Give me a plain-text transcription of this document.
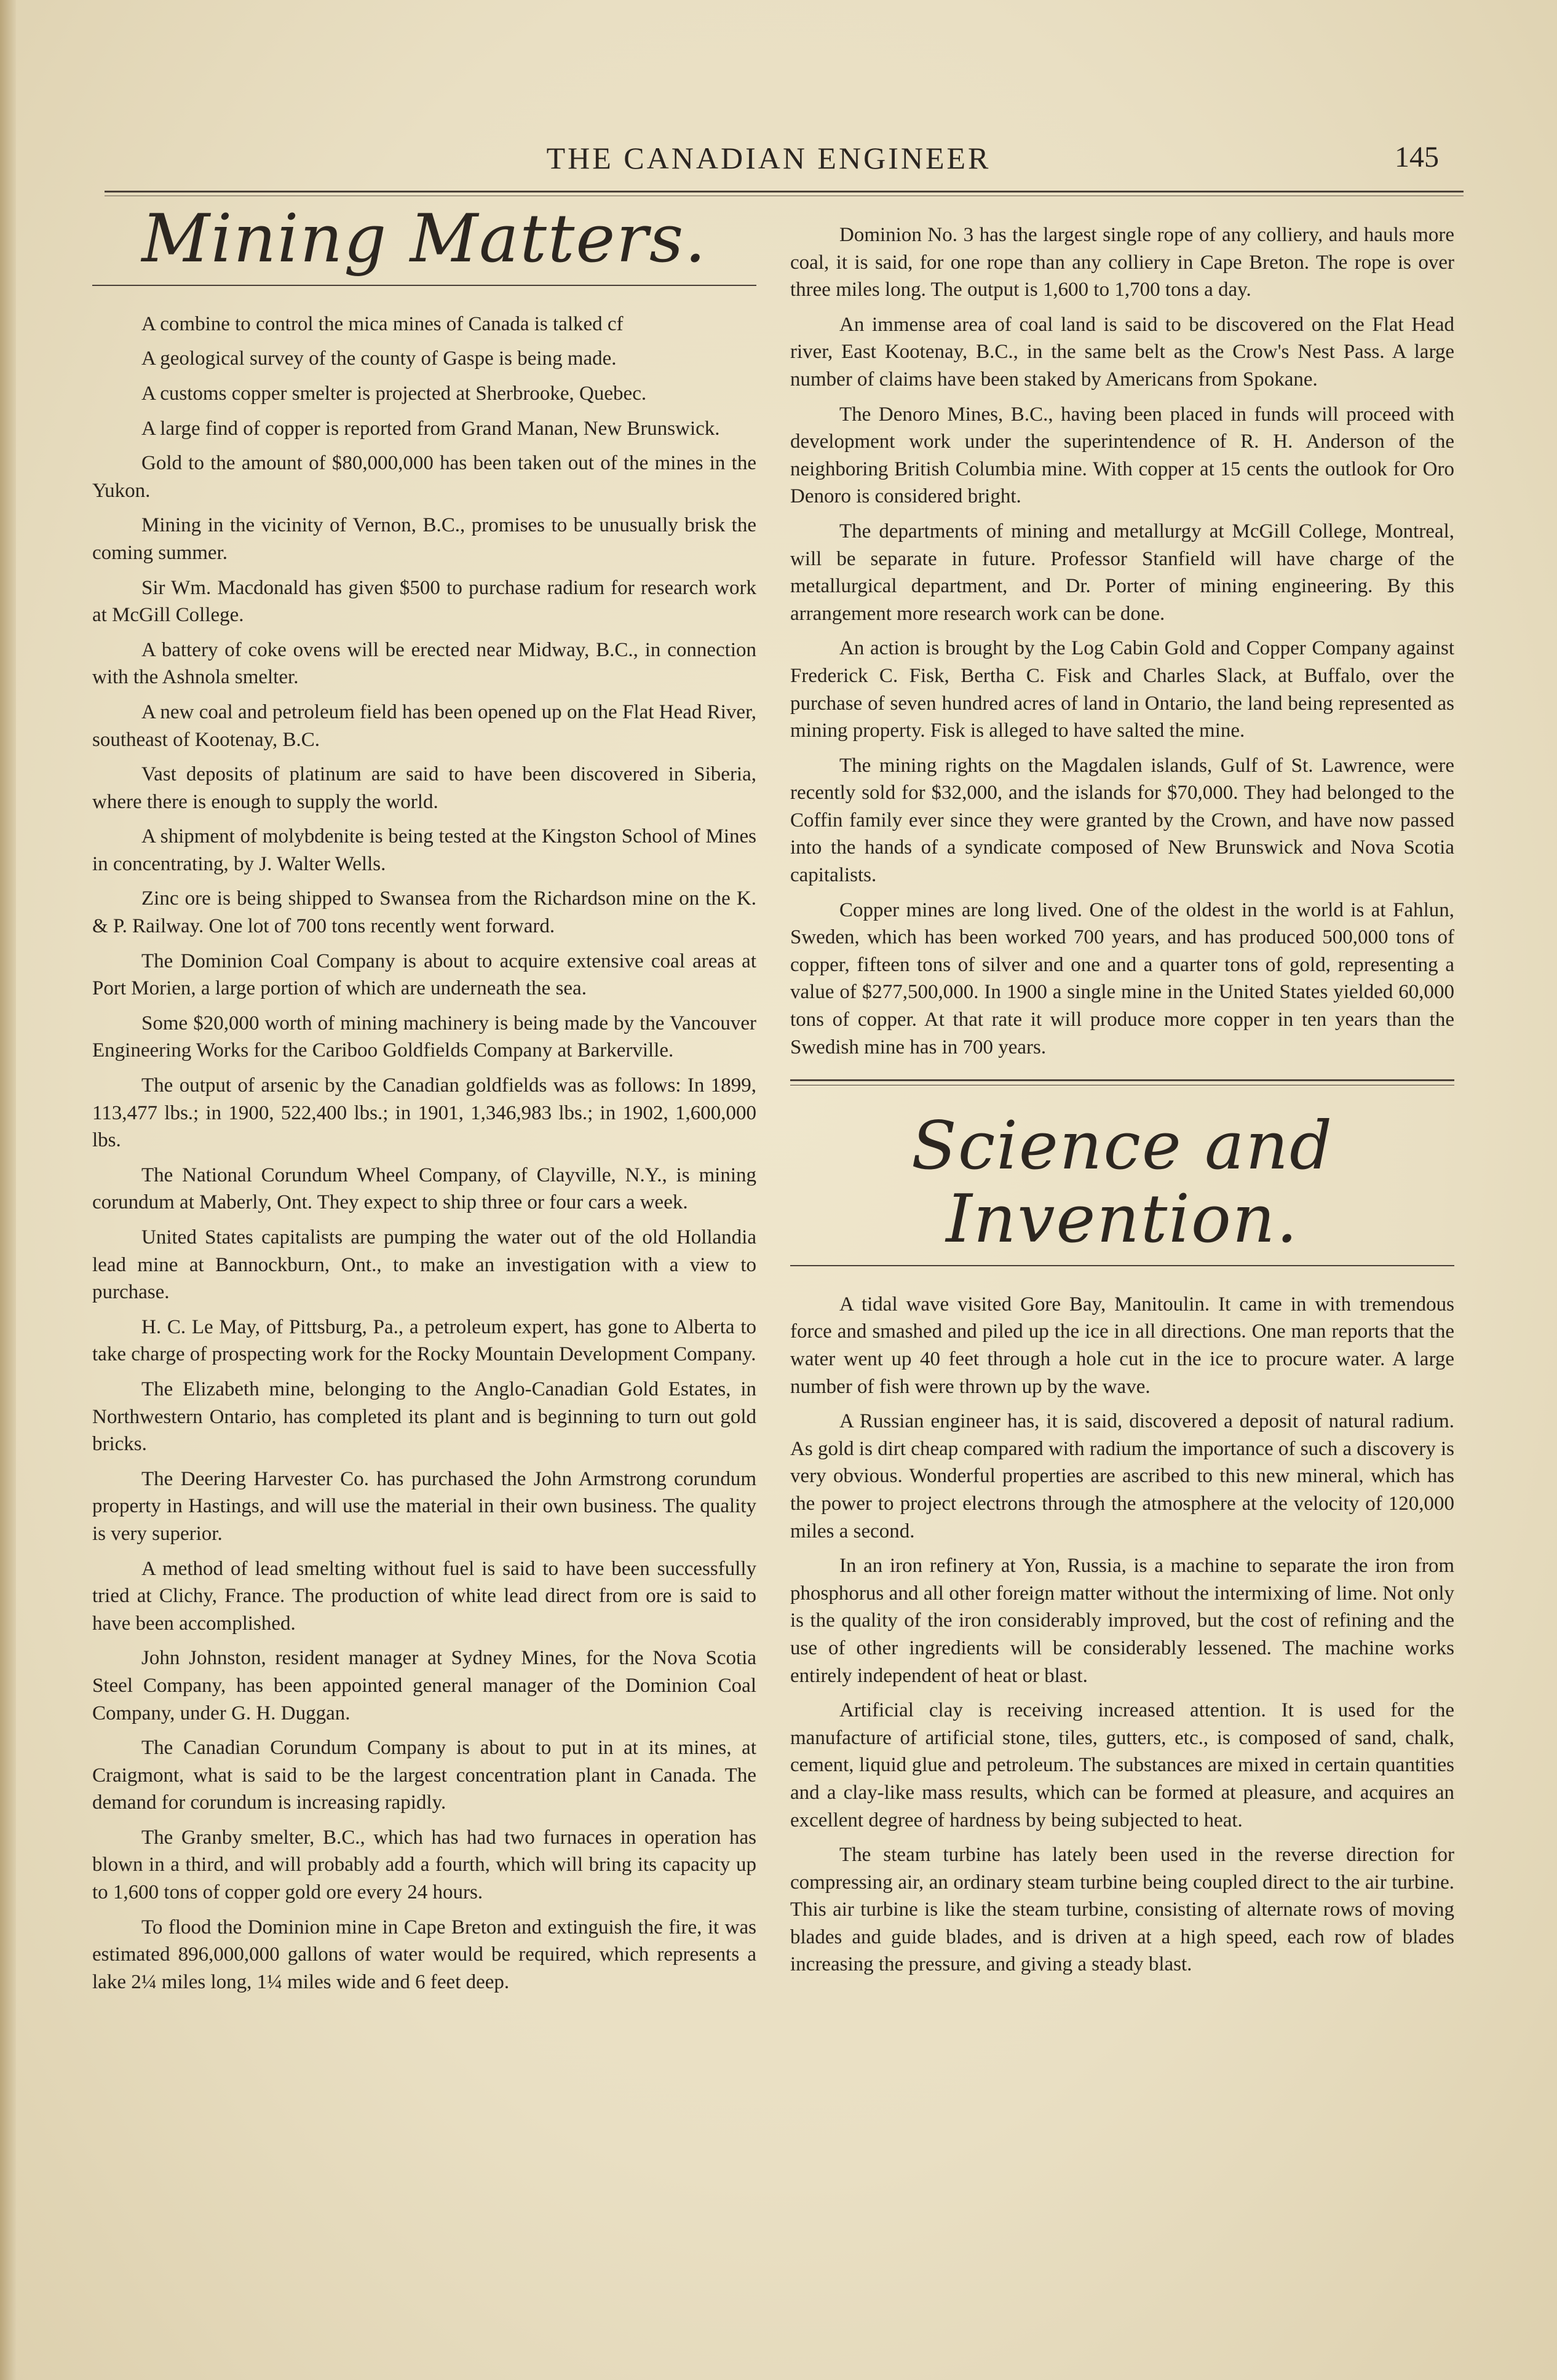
THE CANADIAN ENGINEER	145
Mining Matters.

A combine to control the mica mines of Canada is talked cf

A geological survey of the county of Gaspe is being made.

A customs copper smelter is projected at Sherbrooke, Quebec.

A large find of copper is reported from Grand Manan, New Brunswick.

Gold to the amount of $80,000,000 has been taken out of the mines in the Yukon.

Mining in the vicinity of Vernon, B.C., promises to be unusually brisk the coming summer.

Sir Wm. Macdonald has given $500 to purchase radium for research work at McGill College.

A battery of coke ovens will be erected near Midway, B.C., in connection with the Ashnola smelter.

A new coal and petroleum field has been opened up on the Flat Head River, southeast of Kootenay, B.C.

Vast deposits of platinum are said to have been discovered in Siberia, where there is enough to supply the world.

A shipment of molybdenite is being tested at the Kingston School of Mines in concentrating, by J. Walter Wells.

Zinc ore is being shipped to Swansea from the Richardson mine on the K. & P. Railway. One lot of 700 tons recently went forward.

The Dominion Coal Company is about to acquire extensive coal areas at Port Morien, a large portion of which are underneath the sea.

Some $20,000 worth of mining machinery is being made by the Vancouver Engineering Works for the Cariboo Goldfields Company at Barkerville.

The output of arsenic by the Canadian goldfields was as follows: In 1899, 113,477 lbs.; in 1900, 522,400 lbs.; in 1901, 1,346,983 lbs.; in 1902, 1,600,000 lbs.

The National Corundum Wheel Company, of Clayville, N.Y., is mining corundum at Maberly, Ont. They expect to ship three or four cars a week.

United States capitalists are pumping the water out of the old Hollandia lead mine at Bannockburn, Ont., to make an investigation with a view to purchase.

H. C. Le May, of Pittsburg, Pa., a petroleum expert, has gone to Alberta to take charge of prospecting work for the Rocky Mountain Development Company.

The Elizabeth mine, belonging to the Anglo-Canadian Gold Estates, in Northwestern Ontario, has completed its plant and is beginning to turn out gold bricks.

The Deering Harvester Co. has purchased the John Armstrong corundum property in Hastings, and will use the material in their own business. The quality is very superior.

A method of lead smelting without fuel is said to have been successfully tried at Clichy, France. The production of white lead direct from ore is said to have been accomplished.

John Johnston, resident manager at Sydney Mines, for the Nova Scotia Steel Company, has been appointed general manager of the Dominion Coal Company, under G. H. Duggan.

The Canadian Corundum Company is about to put in at its mines, at Craigmont, what is said to be the largest concentration plant in Canada. The demand for corundum is increasing rapidly.

The Granby smelter, B.C., which has had two furnaces in operation has blown in a third, and will probably add a fourth, which will bring its capacity up to 1,600 tons of copper gold ore every 24 hours.

To flood the Dominion mine in Cape Breton and extinguish the fire, it was estimated 896,000,000 gallons of water would be required, which represents a lake 2¼ miles long, 1¼ miles wide and 6 feet deep.

Dominion No. 3 has the largest single rope of any colliery, and hauls more coal, it is said, for one rope than any colliery in Cape Breton. The rope is over three miles long. The output is 1,600 to 1,700 tons a day.

An immense area of coal land is said to be discovered on the Flat Head river, East Kootenay, B.C., in the same belt as the Crow's Nest Pass. A large number of claims have been staked by Americans from Spokane.

The Denoro Mines, B.C., having been placed in funds will proceed with development work under the superintendence of R. H. Anderson of the neighboring British Columbia mine. With copper at 15 cents the outlook for Oro Denoro is considered bright.

The departments of mining and metallurgy at McGill College, Montreal, will be separate in future. Professor Stanfield will have charge of the metallurgical department, and Dr. Porter of mining engineering. By this arrangement more research work can be done.

An action is brought by the Log Cabin Gold and Copper Company against Frederick C. Fisk, Bertha C. Fisk and Charles Slack, at Buffalo, over the purchase of seven hundred acres of land in Ontario, the land being represented as mining property. Fisk is alleged to have salted the mine.

The mining rights on the Magdalen islands, Gulf of St. Lawrence, were recently sold for $32,000, and the islands for $70,000. They had belonged to the Coffin family ever since they were granted by the Crown, and have now passed into the hands of a syndicate composed of New Brunswick and Nova Scotia capitalists.

Copper mines are long lived. One of the oldest in the world is at Fahlun, Sweden, which has been worked 700 years, and has produced 500,000 tons of copper, fifteen tons of silver and one and a quarter tons of gold, representing a value of $277,500,000. In 1900 a single mine in the United States yielded 60,000 tons of copper. At that rate it will produce more copper in ten years than the Swedish mine has in 700 years.

Science and Invention.

A tidal wave visited Gore Bay, Manitoulin. It came in with tremendous force and smashed and piled up the ice in all directions. One man reports that the water went up 40 feet through a hole cut in the ice to procure water. A large number of fish were thrown up by the wave.

A Russian engineer has, it is said, discovered a deposit of natural radium. As gold is dirt cheap compared with radium the importance of such a discovery is very obvious. Wonderful properties are ascribed to this new mineral, which has the power to project electrons through the atmosphere at the velocity of 120,000 miles a second.

In an iron refinery at Yon, Russia, is a machine to separate the iron from phosphorus and all other foreign matter without the intermixing of lime. Not only is the quality of the iron considerably improved, but the cost of refining and the use of other ingredients will be considerably lessened. The machine works entirely independent of heat or blast.

Artificial clay is receiving increased attention. It is used for the manufacture of artificial stone, tiles, gutters, etc., is composed of sand, chalk, cement, liquid glue and petroleum. The substances are mixed in certain quantities and a clay-like mass results, which can be formed at pleasure, and acquires an excellent degree of hardness by being subjected to heat.

The steam turbine has lately been used in the reverse direction for compressing air, an ordinary steam turbine being coupled direct to the air turbine. This air turbine is like the steam turbine, consisting of alternate rows of moving blades and guide blades, and is driven at a high speed, each row of blades increasing the pressure, and giving a steady blast.
